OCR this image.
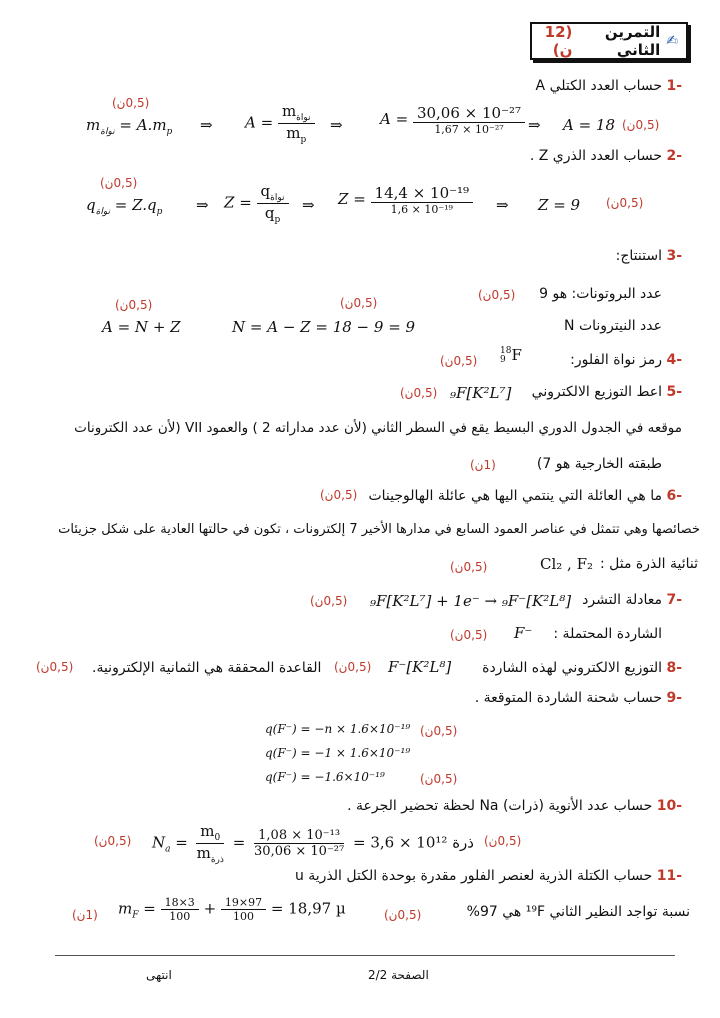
✍
التمرين الثاني
(12 ن)
-1 حساب العدد الكتلي A
(0,5ن)
$m_{نواة} = A.m_p$ ⇒ $A = \frac{m_{نواة}}{m_p}$ ⇒ $A = \frac{\text{30,06 × 10⁻²⁷}}{\text{1,67 × 10⁻²⁷}}$ ⇒ A = 18 (0,5ن)
-2 حساب العدد الذري Z .
(0,5ن)
$q_{نواة} = Z.q_p$ ⇒ $Z = \frac{q_{نواة}}{q_p}$ ⇒ $Z = \frac{\text{14,4 × 10⁻¹⁹}}{\text{1,6 × 10⁻¹⁹}}$ ⇒ Z = 9 (0,5ن)
-3 استنتاج:
عدد البروتونات: هو 9
(0,5ن)
(0,5ن)	(0,5ن)
A = N + Z	N = A − Z = 18 − 9 = 9	عدد النيترونات N
-4 رمز نواة الفلور:
18
9 F
(0,5ن)
-5 اعط التوزيع الالكتروني
₉F[K²L⁷]
(0,5ن)
موقعه في الجدول الدوري البسيط يقع في السطر الثاني (لأن عدد مداراته 2 ) والعمود VII (لأن عدد الكترونات
طبقته الخارجية هو 7)
(1ن)
-6 ما هي العائلة التي ينتمي اليها هي عائلة الهالوجينات
(0,5ن)
خصائصها وهي تتمثل في عناصر العمود السابع في مدارها الأخير 7 إلكترونات ، تكون في حالتها العادية على شكل جزيئات
ثنائية الذرة مثل :
Cl₂ , F₂
(0,5ن)
-7 معادلة التشرد
₉F[K²L⁷] + 1e⁻ → ₉F⁻[K²L⁸]
(0,5ن)
الشاردة المحتملة :
F⁻
(0,5ن)
-8 التوزيع الالكتروني لهذه الشاردة
F⁻[K²L⁸]
(0,5ن)
القاعدة المحققة هي الثمانية الإلكترونية.
(0,5ن)
-9 حساب شحنة الشاردة المتوقعة .
q(F⁻) = −n × 1.6×10⁻¹⁹ (0,5ن)
q(F⁻) = −1 × 1.6×10⁻¹⁹
q(F⁻) = −1.6×10⁻¹⁹	(0,5ن)
-10 حساب عدد الأنوية (ذرات) Na لحظة تحضير الجرعة .
(0,5ن) $N_a = \frac{m_0}{m_{ذرة}} = \frac{\text{1,08 × 10⁻¹³}}{\text{30,06 × 10⁻²⁷}} = 3,6 \times 10^{12}$ ذرة (0,5ن)
-11 حساب الكتلة الذرية لعنصر الفلور مقدرة بوحدة الكتل الذرية u
(1ن) $m_F = \frac{18\times 3}{100} + \frac{19\times 97}{100} = 18,97$ µ	(0,5ن)	نسبة تواجد النظير الثاني ¹⁹F هي 97%
الصفحة 2/2
انتهى
